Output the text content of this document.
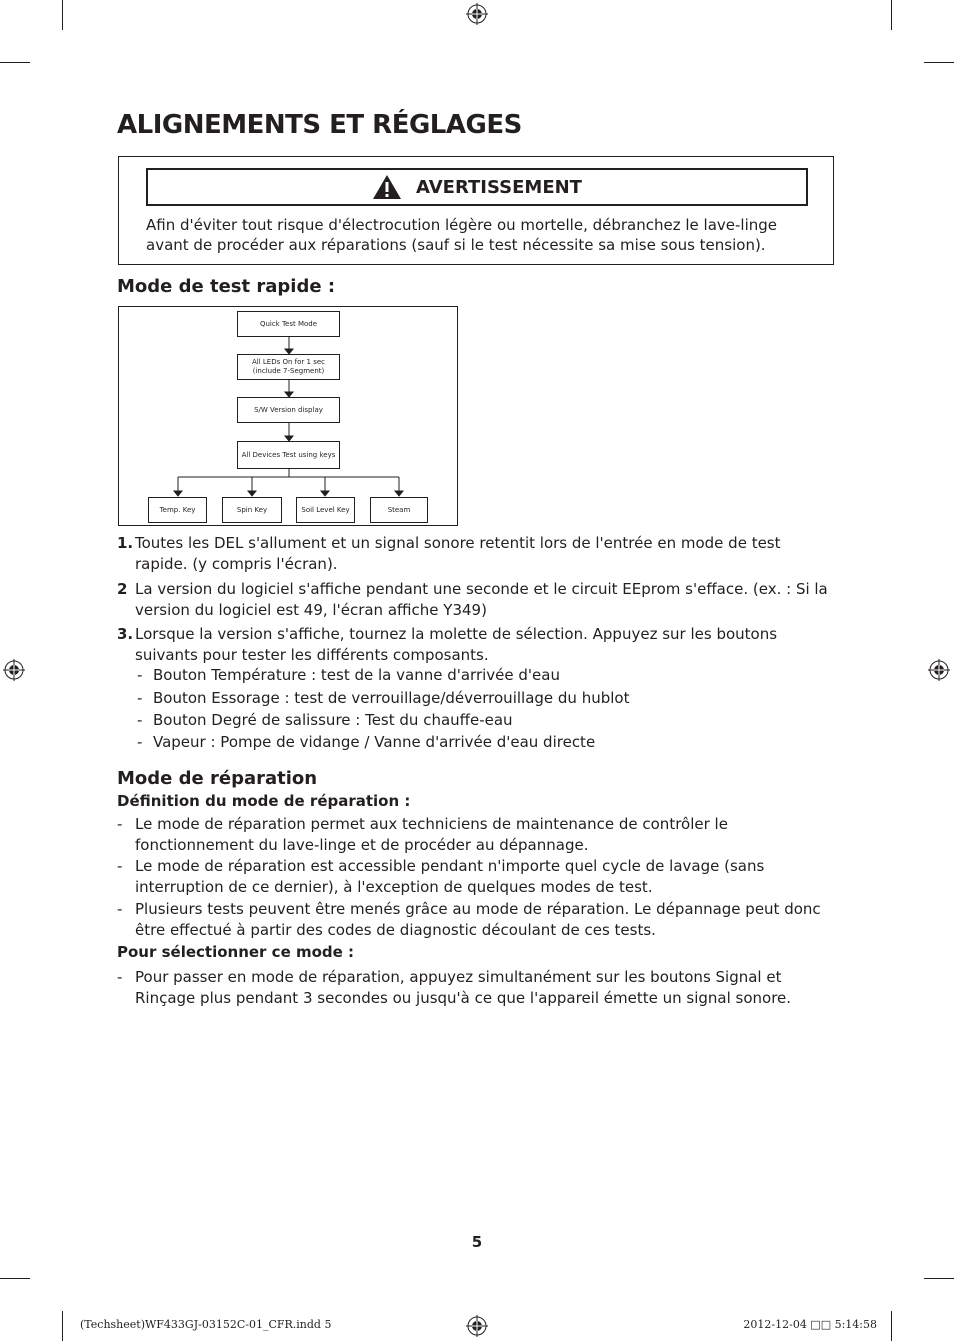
ALIGNEMENTS ET RÉGLAGES
AVERTISSEMENT
Afin d'éviter tout risque d'électrocution légère ou mortelle, débranchez le lave-linge avant de procéder aux réparations (sauf si le test nécessite sa mise sous tension).
Mode de test rapide :
Quick Test Mode
All LEDs On for 1 sec
(include 7-Segment)
S/W Version display
All Devices Test using keys
Temp. Key	Spin Key	Soil Level Key	Steam
1. Toutes les DEL s'allument et un signal sonore retentit lors de l'entrée en mode de test rapide. (y compris l'écran).
2 La version du logiciel s'affiche pendant une seconde et le circuit EEprom s'efface. (ex. : Si la version du logiciel est 49, l'écran affiche Y349)
3. Lorsque la version s'affiche, tournez la molette de sélection. Appuyez sur les boutons suivants pour tester les différents composants.
- Bouton Température : test de la vanne d'arrivée d'eau
- Bouton Essorage : test de verrouillage/déverrouillage du hublot
- Bouton Degré de salissure : Test du chauffe-eau
- Vapeur : Pompe de vidange / Vanne d'arrivée d'eau directe
Mode de réparation
Définition du mode de réparation :
- Le mode de réparation permet aux techniciens de maintenance de contrôler le fonctionnement du lave-linge et de procéder au dépannage.
- Le mode de réparation est accessible pendant n'importe quel cycle de lavage (sans interruption de ce dernier), à l'exception de quelques modes de test.
- Plusieurs tests peuvent être menés grâce au mode de réparation. Le dépannage peut donc être effectué à partir des codes de diagnostic découlant de ces tests.
Pour sélectionner ce mode :
- Pour passer en mode de réparation, appuyez simultanément sur les boutons Signal et Rinçage plus pendant 3 secondes ou jusqu'à ce que l'appareil émette un signal sonore.
5
(Techsheet)WF433GJ-03152C-01_CFR.indd 5	2012-12-04 □□ 5:14:58
